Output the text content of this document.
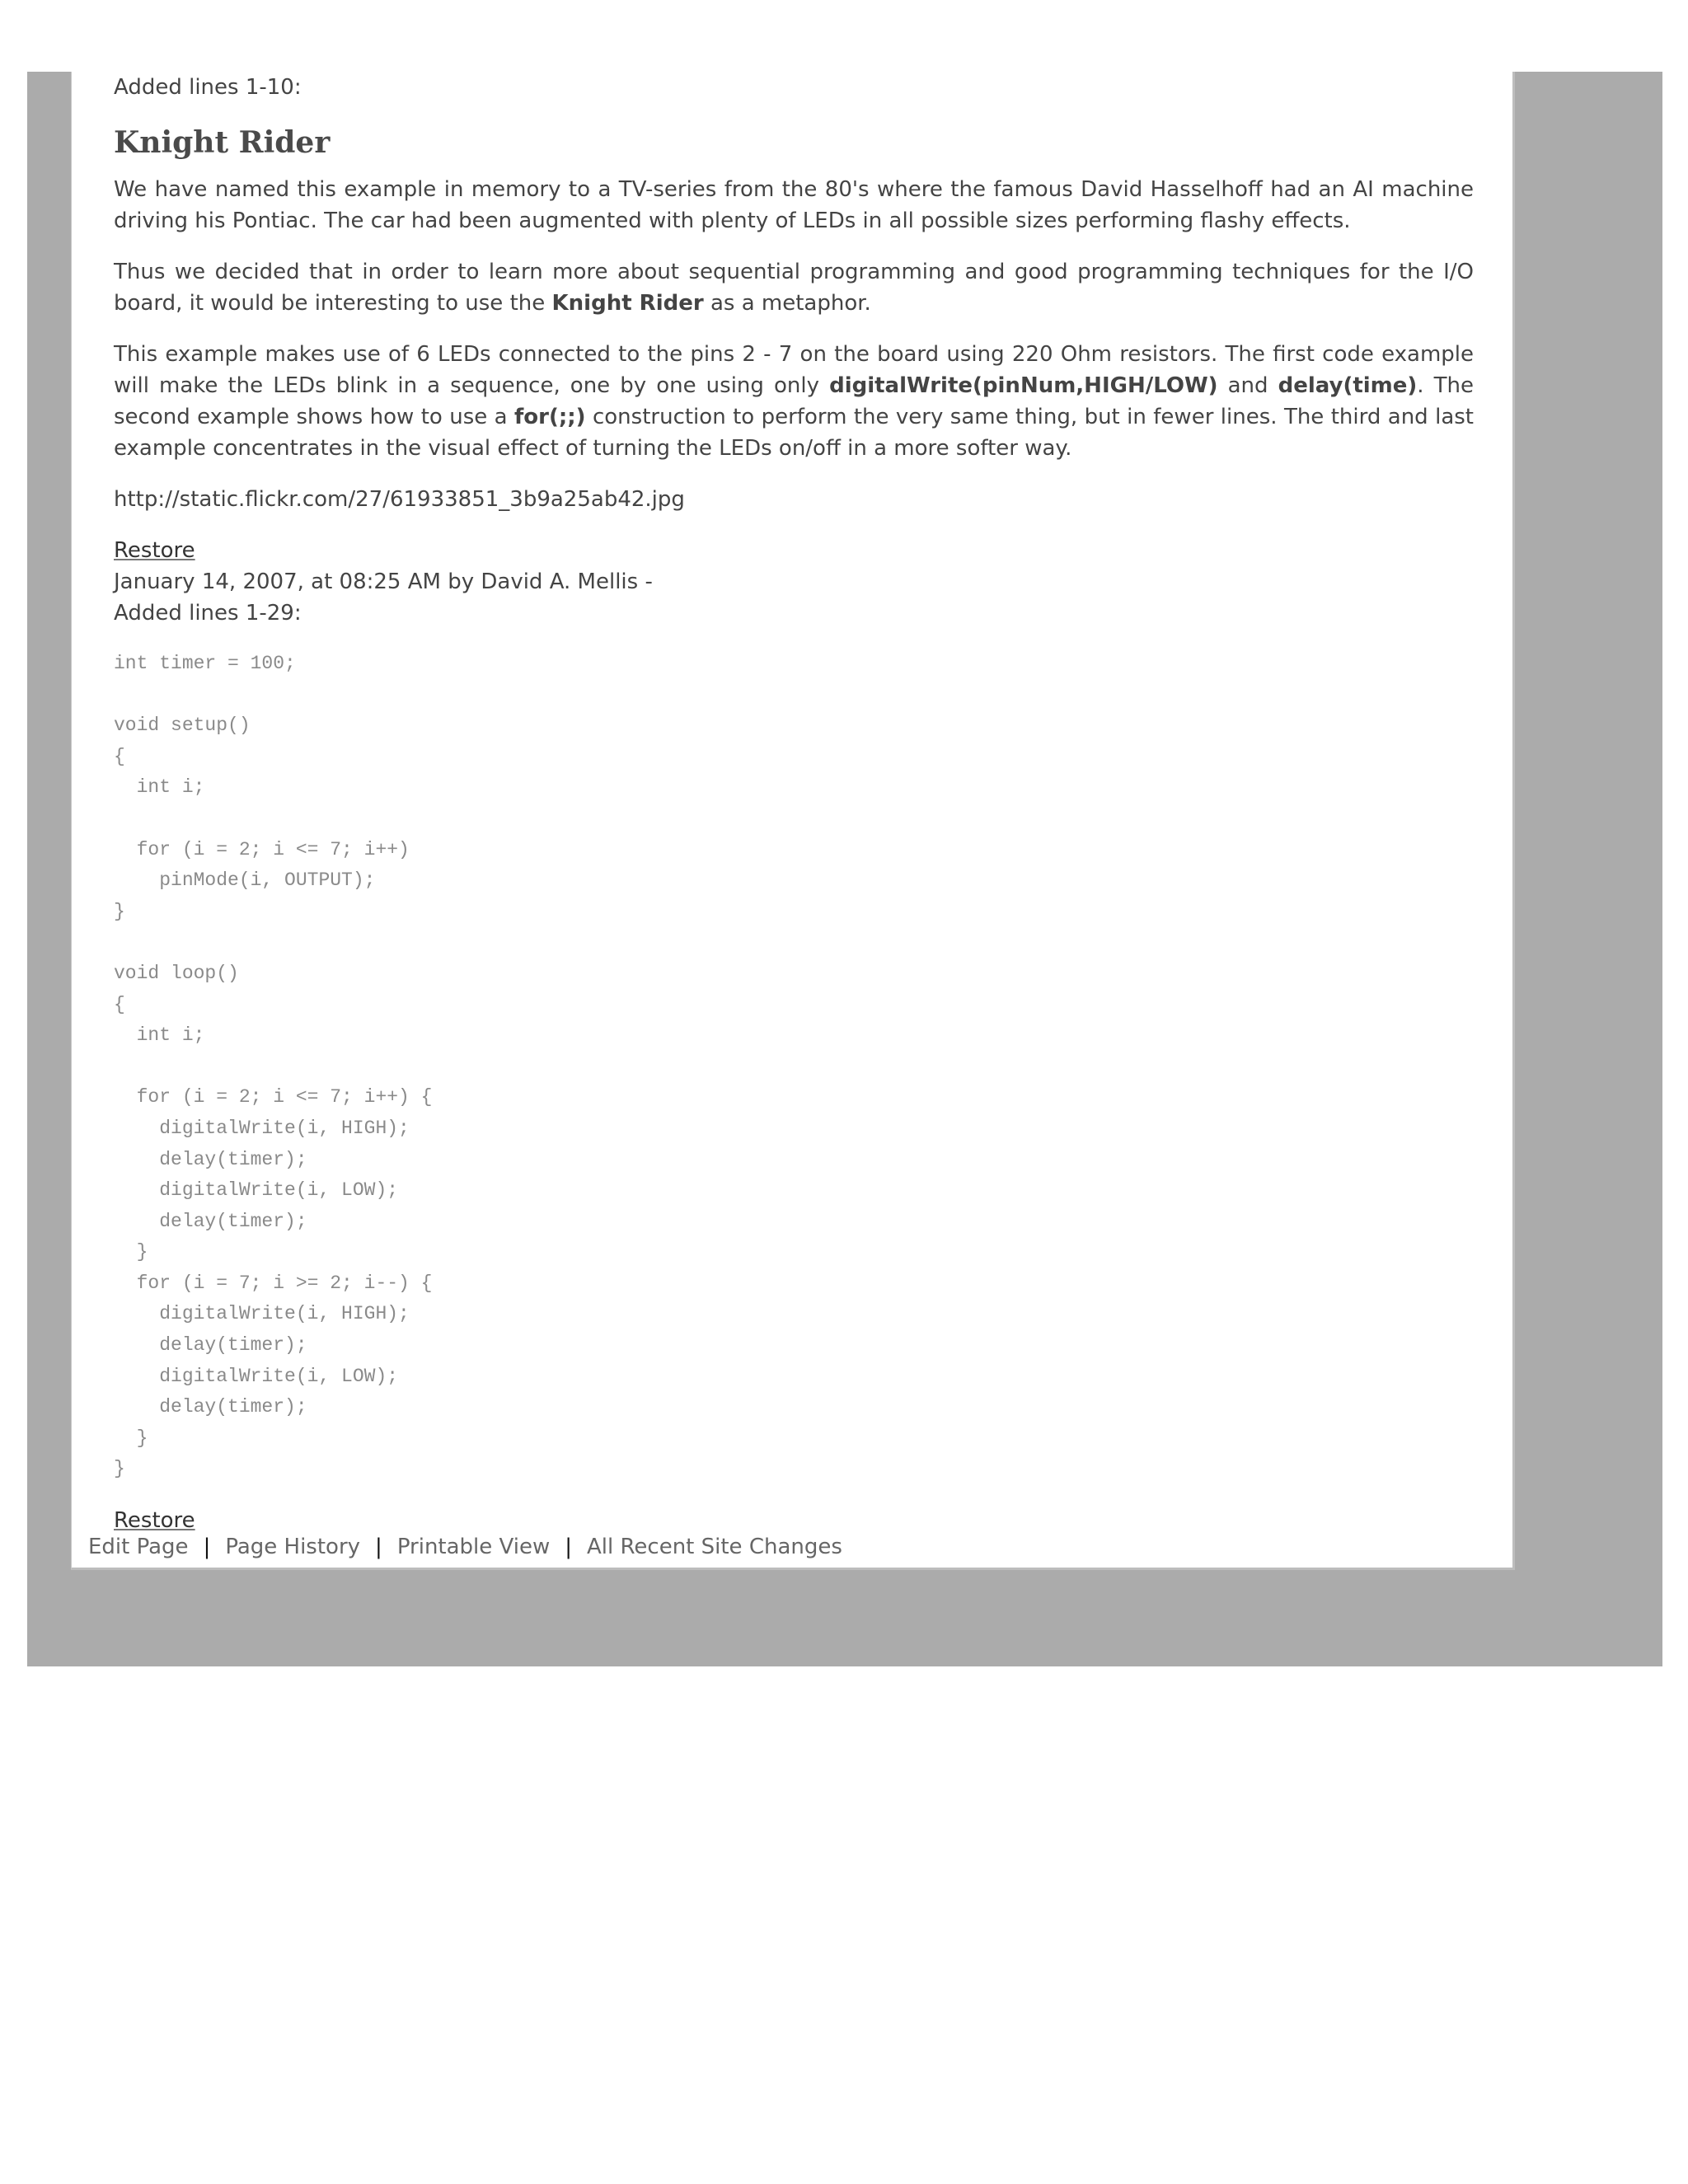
Added lines 1-10:

Knight Rider

We have named this example in memory to a TV-series from the 80's where the famous David Hasselhoff had an AI machine driving his Pontiac. The car had been augmented with plenty of LEDs in all possible sizes performing flashy effects.

Thus we decided that in order to learn more about sequential programming and good programming techniques for the I/O board, it would be interesting to use the Knight Rider as a metaphor.

This example makes use of 6 LEDs connected to the pins 2 - 7 on the board using 220 Ohm resistors. The first code example will make the LEDs blink in a sequence, one by one using only digitalWrite(pinNum,HIGH/LOW) and delay(time). The second example shows how to use a for(;;) construction to perform the very same thing, but in fewer lines. The third and last example concentrates in the visual effect of turning the LEDs on/off in a more softer way.

http://static.flickr.com/27/61933851_3b9a25ab42.jpg

Restore

January 14, 2007, at 08:25 AM by David A. Mellis -

Added lines 1-29:

int timer = 100;

void setup()
{
int i;

for (i = 2; i <= 7; i++)
pinMode(i, OUTPUT);
}

void loop()
{
int i;

for (i = 2; i <= 7; i++) {
digitalWrite(i, HIGH);
delay(timer);
digitalWrite(i, LOW);
delay(timer);
}
for (i = 7; i >= 2; i--) {
digitalWrite(i, HIGH);
delay(timer);
digitalWrite(i, LOW);
delay(timer);
}
}

Restore

Edit Page | Page History | Printable View | All Recent Site Changes
